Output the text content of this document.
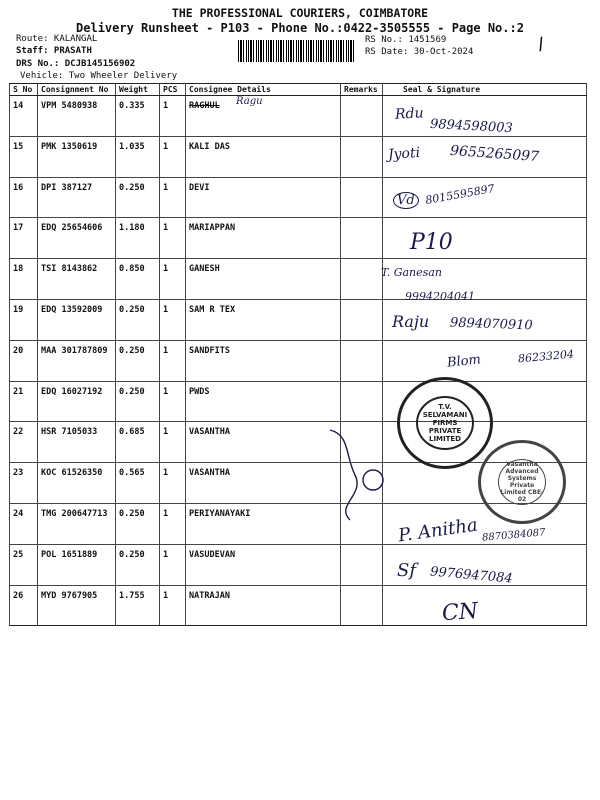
THE PROFESSIONAL COURIERS, COIMBATORE
Delivery Runsheet - P103 - Phone No.:0422-3505555 - Page No.:2
Route: KALANGAL
Staff: PRASATH
DRS No.: DCJB145156902
Vehicle: Two Wheeler Delivery
RS No.: 1451569
RS Date: 30-Oct-2024	/
S No	Consignment No	Weight	PCS	Consignee Details	Remarks	Seal & Signature
14	VPM 5480938	0.335	1	RAGHUL		
15	PMK 1350619	1.035	1	KALI DAS		
16	DPI 387127	0.250	1	DEVI		
17	EDQ 25654606	1.180	1	MARIAPPAN		
18	TSI 8143862	0.850	1	GANESH		
19	EDQ 13592009	0.250	1	SAM R TEX		
20	MAA 301787809	0.250	1	SANDFITS		
21	EDQ 16027192	0.250	1	PWDS		
22	HSR 7105033	0.685	1	VASANTHA		
23	KOC 61526350	0.565	1	VASANTHA		
24	TMG 200647713	0.250	1	PERIYANAYAKI		
25	POL 1651889	0.250	1	VASUDEVAN		
26	MYD 9767905	1.755	1	NATRAJAN		
Ragu
Rdu
9894598003
Jyoti 9655265097
Vd 8015595897
P10
T. Ganesan
9994204041
Raju 9894070910
Blom	86233204
T.V. SELVAMANI FIRMS PRIVATE LIMITED
Vasantha Advanced Systems Private Limited CBE-02
P. Anitha 8870384087
Sf 9976947084
CN
